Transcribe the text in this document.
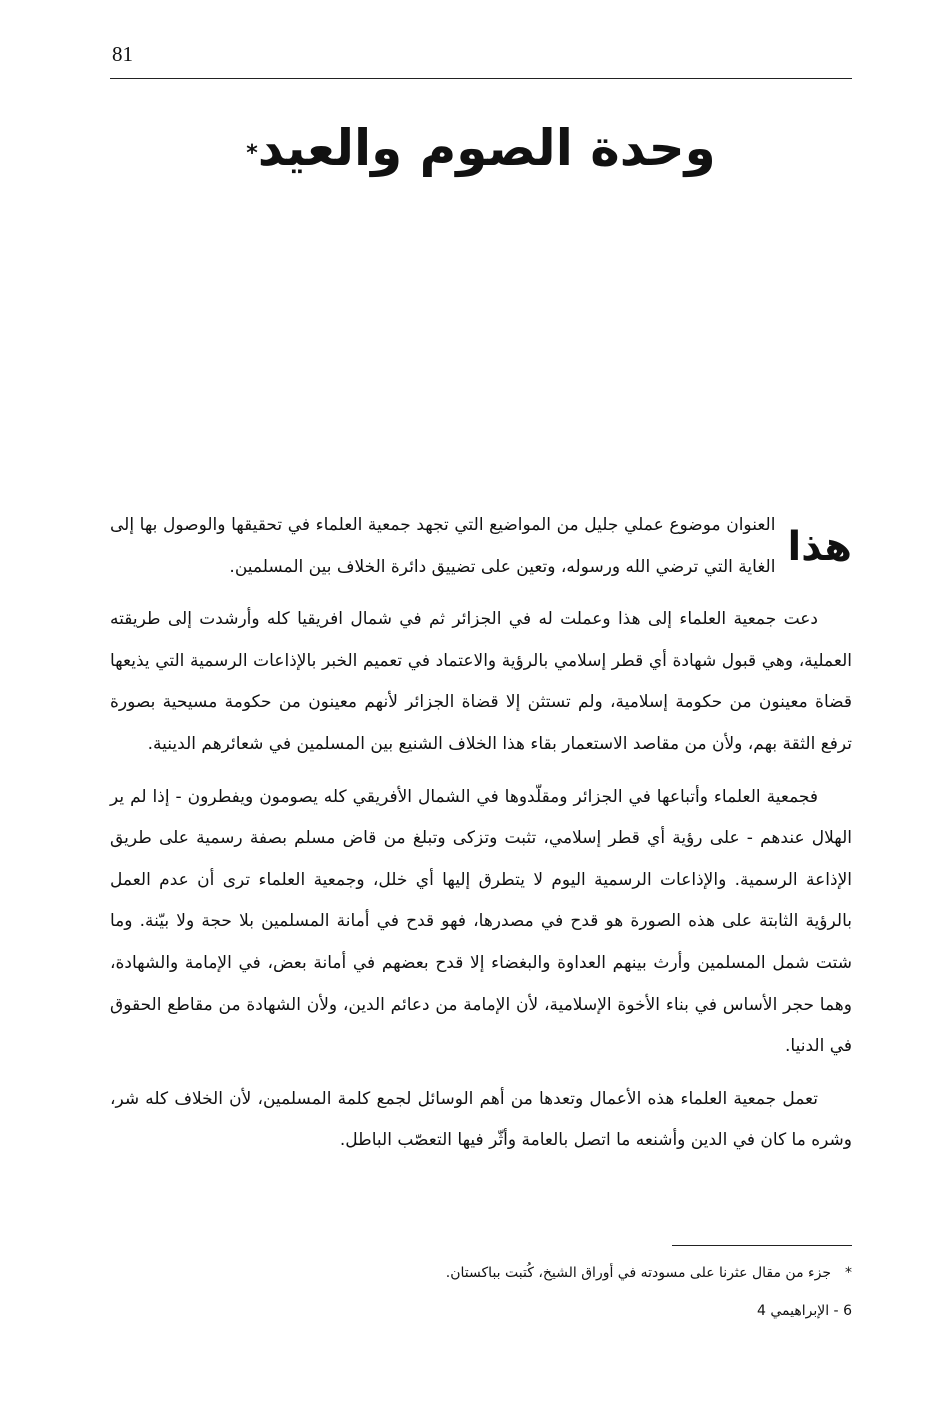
81
وحدة الصوم والعيد*

هذا
العنوان موضوع عملي جليل من المواضيع التي تجهد جمعية العلماء في تحقيقها والوصول بها إلى الغاية التي ترضي الله ورسوله، وتعين على تضييق دائرة الخلاف بين المسلمين.

دعت جمعية العلماء إلى هذا وعملت له في الجزائر ثم في شمال افريقيا كله وأرشدت إلى طريقته العملية، وهي قبول شهادة أي قطر إسلامي بالرؤية والاعتماد في تعميم الخبر بالإذاعات الرسمية التي يذيعها قضاة معينون من حكومة إسلامية، ولم تستثن إلا قضاة الجزائر لأنهم معينون من حكومة مسيحية بصورة ترفع الثقة بهم، ولأن من مقاصد الاستعمار بقاء هذا الخلاف الشنيع بين المسلمين في شعائرهم الدينية.

فجمعية العلماء وأتباعها في الجزائر ومقلّدوها في الشمال الأفريقي كله يصومون ويفطرون - إذا لم ير الهلال عندهم - على رؤية أي قطر إسلامي، تثبت وتزكى وتبلغ من قاض مسلم بصفة رسمية على طريق الإذاعة الرسمية. والإذاعات الرسمية اليوم لا يتطرق إليها أي خلل، وجمعية العلماء ترى أن عدم العمل بالرؤية الثابتة على هذه الصورة هو قدح في مصدرها، فهو قدح في أمانة المسلمين بلا حجة ولا بيّنة. وما شتت شمل المسلمين وأرث بينهم العداوة والبغضاء إلا قدح بعضهم في أمانة بعض، في الإمامة والشهادة، وهما حجر الأساس في بناء الأخوة الإسلامية، لأن الإمامة من دعائم الدين، ولأن الشهادة من مقاطع الحقوق في الدنيا.

تعمل جمعية العلماء هذه الأعمال وتعدها من أهم الوسائل لجمع كلمة المسلمين، لأن الخلاف كله شر، وشره ما كان في الدين وأشنعه ما اتصل بالعامة وأثّر فيها التعصّب الباطل.

*جزء من مقال عثرنا على مسودته في أوراق الشيخ، كُتبت بباكستان.
6 - الإبراهيمي 4
